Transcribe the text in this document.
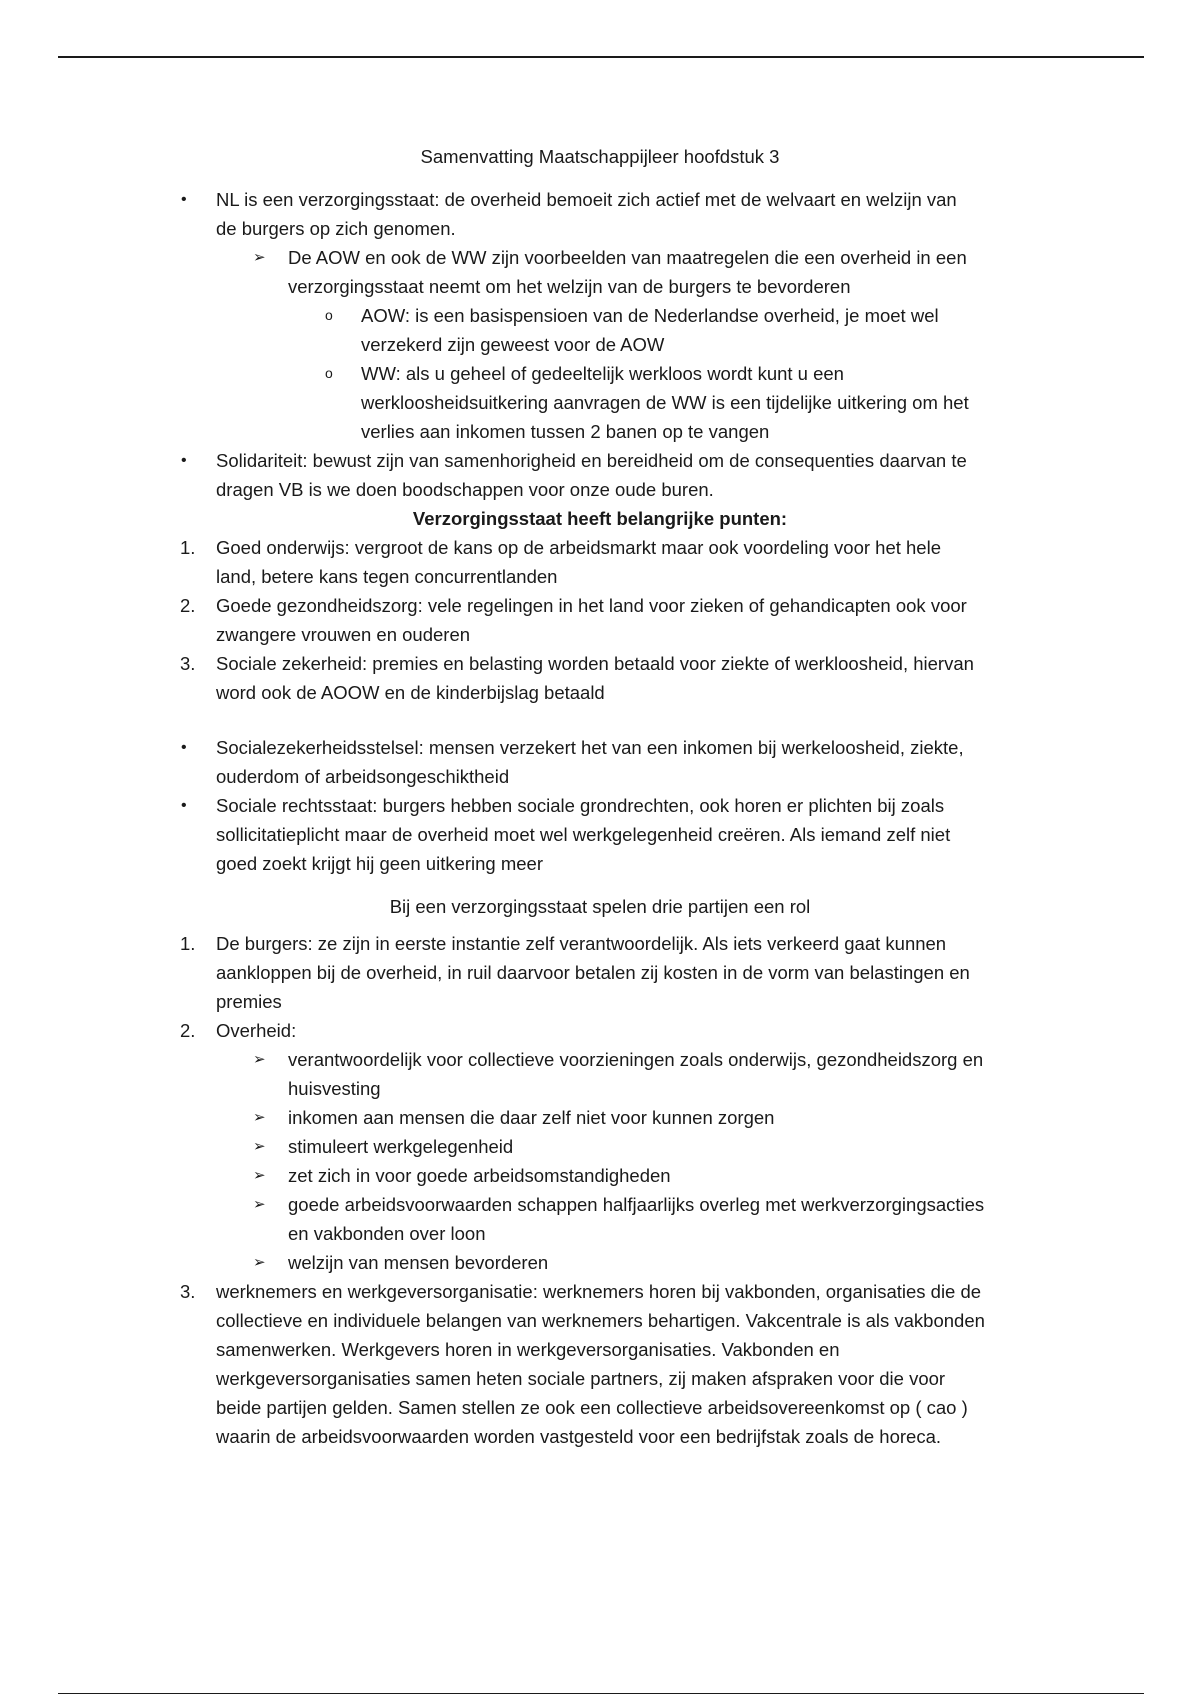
Samenvatting Maatschappijleer hoofdstuk 3
• NL is een verzorgingsstaat: de overheid bemoeit zich actief met de welvaart en welzijn van
de burgers op zich genomen.
➢ De AOW en ook de WW zijn voorbeelden van maatregelen die een overheid in een
verzorgingsstaat neemt om het welzijn van de burgers te bevorderen
o AOW: is een basispensioen van de Nederlandse overheid, je moet wel
verzekerd zijn geweest voor de AOW
o WW: als u geheel of gedeeltelijk werkloos wordt kunt u een
werkloosheidsuitkering aanvragen de WW is een tijdelijke uitkering om het
verlies aan inkomen tussen 2 banen op te vangen
• Solidariteit: bewust zijn van samenhorigheid en bereidheid om de consequenties daarvan te
dragen VB is we doen boodschappen voor onze oude buren.
Verzorgingsstaat heeft belangrijke punten:
1. Goed onderwijs: vergroot de kans op de arbeidsmarkt maar ook voordeling voor het hele
land, betere kans tegen concurrentlanden
2. Goede gezondheidszorg: vele regelingen in het land voor zieken of gehandicapten ook voor
zwangere vrouwen en ouderen
3. Sociale zekerheid: premies en belasting worden betaald voor ziekte of werkloosheid, hiervan
word ook de AOOW en de kinderbijslag betaald
• Socialezekerheidsstelsel: mensen verzekert het van een inkomen bij werkeloosheid, ziekte,
ouderdom of arbeidsongeschiktheid
• Sociale rechtsstaat: burgers hebben sociale grondrechten, ook horen er plichten bij zoals
sollicitatieplicht maar de overheid moet wel werkgelegenheid creëren. Als iemand zelf niet
goed zoekt krijgt hij geen uitkering meer
Bij een verzorgingsstaat spelen drie partijen een rol
1. De burgers: ze zijn in eerste instantie zelf verantwoordelijk. Als iets verkeerd gaat kunnen
aankloppen bij de overheid, in ruil daarvoor betalen zij kosten in de vorm van belastingen en
premies
2. Overheid:
➢ verantwoordelijk voor collectieve voorzieningen zoals onderwijs, gezondheidszorg en
huisvesting
➢ inkomen aan mensen die daar zelf niet voor kunnen zorgen
➢ stimuleert werkgelegenheid
➢ zet zich in voor goede arbeidsomstandigheden
➢ goede arbeidsvoorwaarden schappen halfjaarlijks overleg met werkverzorgingsacties
en vakbonden over loon
➢ welzijn van mensen bevorderen
3. werknemers en werkgeversorganisatie: werknemers horen bij vakbonden, organisaties die de
collectieve en individuele belangen van werknemers behartigen. Vakcentrale is als vakbonden
samenwerken. Werkgevers horen in werkgeversorganisaties. Vakbonden en
werkgeversorganisaties samen heten sociale partners, zij maken afspraken voor die voor
beide partijen gelden. Samen stellen ze ook een collectieve arbeidsovereenkomst op ( cao )
waarin de arbeidsvoorwaarden worden vastgesteld voor een bedrijfstak zoals de horeca.
